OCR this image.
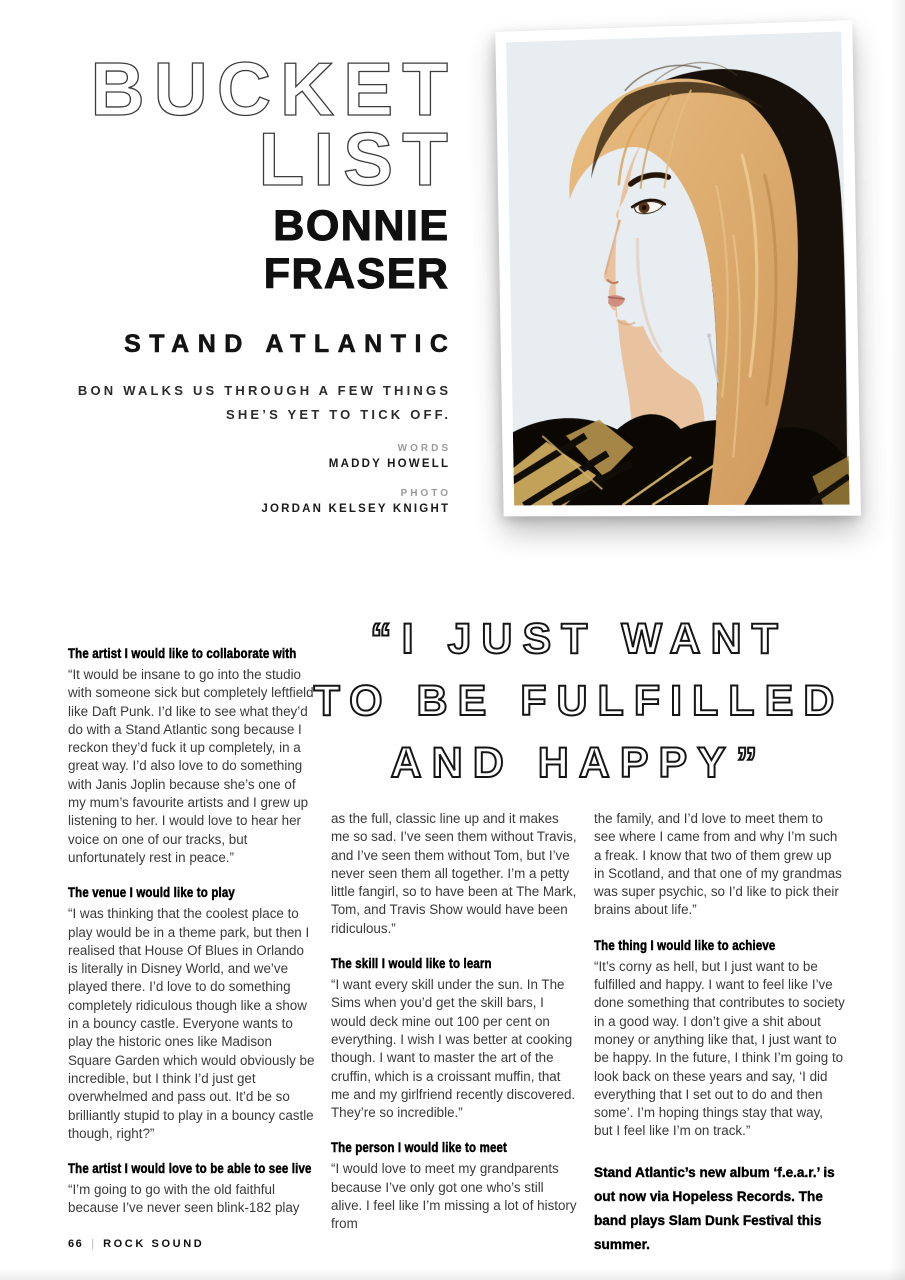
BUCKET
LIST
BONNIE
FRASER
STAND ATLANTIC

BON WALKS US THROUGH A FEW THINGS
SHE’S YET TO TICK OFF.

WORDS
MADDY HOWELL
PHOTO
JORDAN KELSEY KNIGHT
“I JUST WANT
TO BE FULFILLED
AND HAPPY”
The artist I would like to collaborate with

“It would be insane to go into the studio with someone sick but completely leftfield like Daft Punk. I’d like to see what they’d do with a Stand Atlantic song because I reckon they’d fuck it up completely, in a great way. I’d also love to do something with Janis Joplin because she’s one of my mum’s favourite artists and I grew up listening to her. I would love to hear her voice on one of our tracks, but unfortunately rest in peace.”

The venue I would like to play

“I was thinking that the coolest place to play would be in a theme park, but then I realised that House Of Blues in Orlando is literally in Disney World, and we’ve played there. I’d love to do something completely ridiculous though like a show in a bouncy castle. Everyone wants to play the historic ones like Madison Square Garden which would obviously be incredible, but I think I’d just get overwhelmed and pass out. It’d be so brilliantly stupid to play in a bouncy castle though, right?”

The artist I would love to be able to see live

“I’m going to go with the old faithful because I’ve never seen blink-182 play

as the full, classic line up and it makes me so sad. I’ve seen them without Travis, and I’ve seen them without Tom, but I’ve never seen them all together. I’m a petty little fangirl, so to have been at The Mark, Tom, and Travis Show would have been ridiculous.”

The skill I would like to learn

“I want every skill under the sun. In The Sims when you’d get the skill bars, I would deck mine out 100 per cent on everything. I wish I was better at cooking though. I want to master the art of the cruffin, which is a croissant muffin, that me and my girlfriend recently discovered. They’re so incredible.”

The person I would like to meet

“I would love to meet my grandparents because I’ve only got one who’s still alive. I feel like I’m missing a lot of history from

the family, and I’d love to meet them to see where I came from and why I’m such a freak. I know that two of them grew up in Scotland, and that one of my grandmas was super psychic, so I’d like to pick their brains about life.”

The thing I would like to achieve

“It’s corny as hell, but I just want to be fulfilled and happy. I want to feel like I’ve done something that contributes to society in a good way. I don’t give a shit about money or anything like that, I just want to be happy. In the future, I think I’m going to look back on these years and say, ‘I did everything that I set out to do and then some’. I’m hoping things stay that way, but I feel like I’m on track.”

Stand Atlantic’s new album ‘f.e.a.r.’ is out now via Hopeless Records. The band plays Slam Dunk Festival this summer.

66 | ROCK SOUND
